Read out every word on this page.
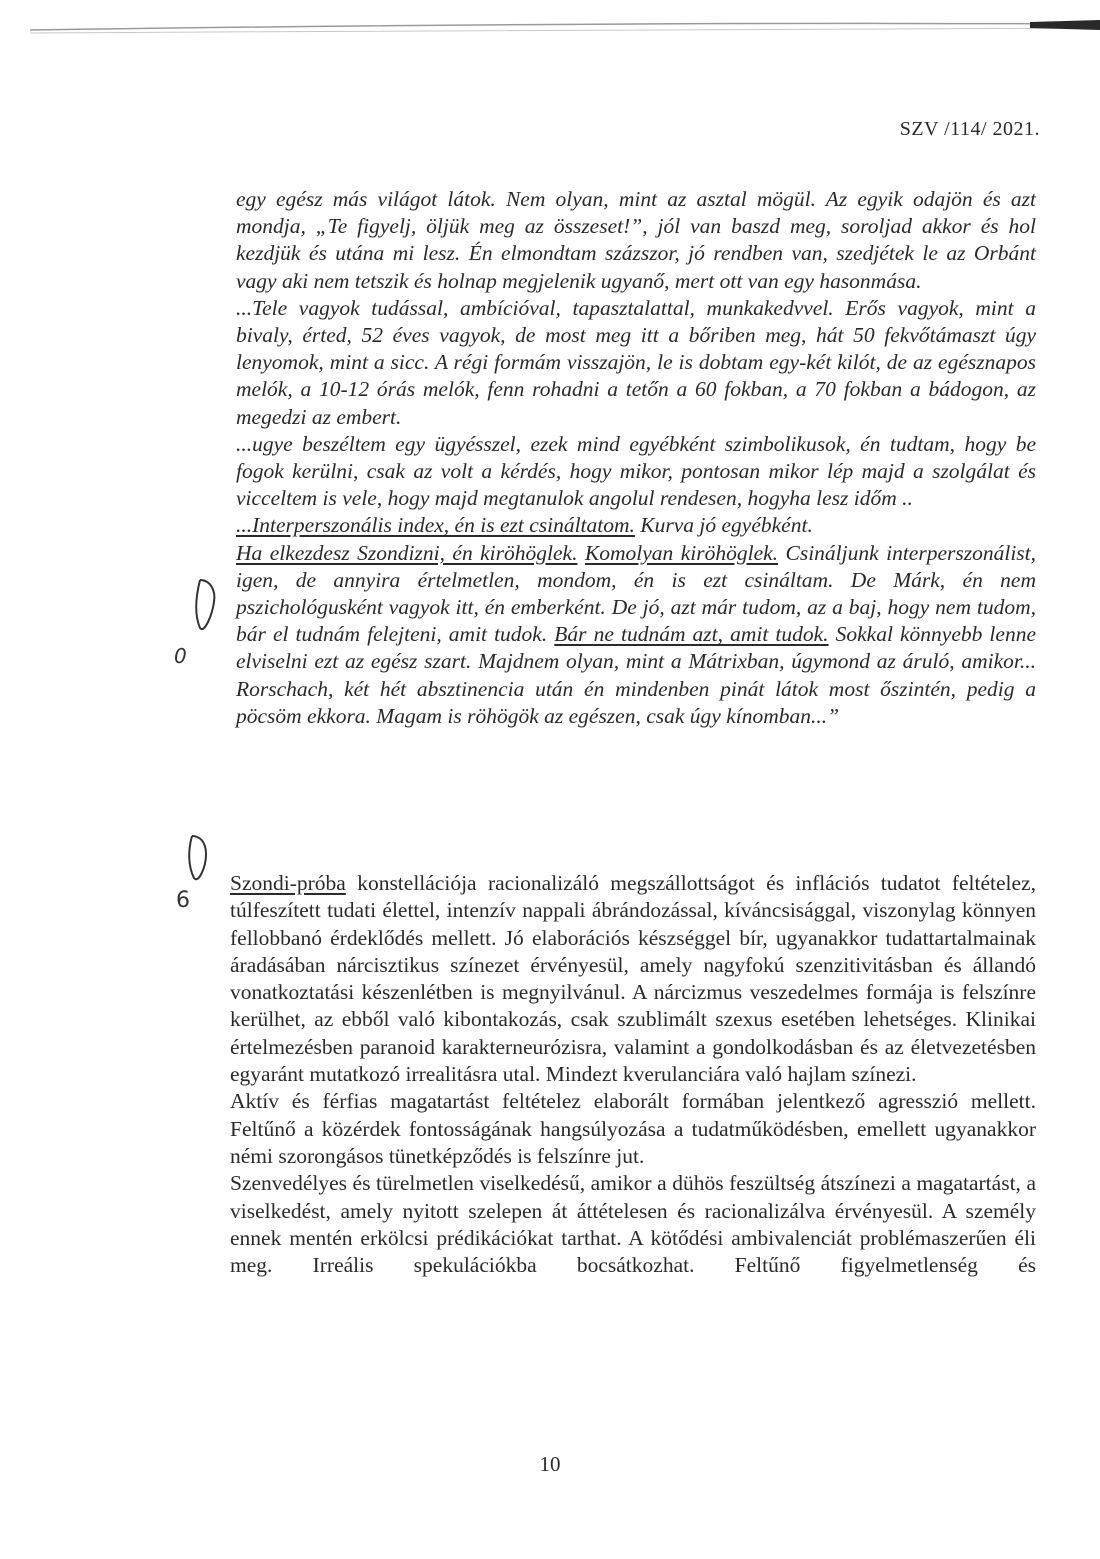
SZV /114/ 2021.

egy egész más világot látok. Nem olyan, mint az asztal mögül. Az egyik odajön és azt mondja, „Te figyelj, öljük meg az összeset!”, jól van baszd meg, soroljad akkor és hol kezdjük és utána mi lesz. Én elmondtam százszor, jó rendben van, szedjétek le az Orbánt vagy aki nem tetszik és holnap megjelenik ugyanő, mert ott van egy hasonmása.

...Tele vagyok tudással, ambícióval, tapasztalattal, munkakedvvel. Erős vagyok, mint a bivaly, érted, 52 éves vagyok, de most meg itt a bőriben meg, hát 50 fekvőtámaszt úgy lenyomok, mint a sicc. A régi formám visszajön, le is dobtam egy-két kilót, de az egésznapos melók, a 10-12 órás melók, fenn rohadni a tetőn a 60 fokban, a 70 fokban a bádogon, az megedzi az embert.

...ugye beszéltem egy ügyésszel, ezek mind egyébként szimbolikusok, én tudtam, hogy be fogok kerülni, csak az volt a kérdés, hogy mikor, pontosan mikor lép majd a szolgálat és vicceltem is vele, hogy majd megtanulok angolul rendesen, hogyha lesz időm ..

...Interperszonális index, én is ezt csináltatom. Kurva jó egyébként.

Ha elkezdesz Szondizni, én kiröhöglek. Komolyan kiröhöglek. Csináljunk interperszonálist, igen, de annyira értelmetlen, mondom, én is ezt csináltam. De Márk, én nem pszichológusként vagyok itt, én emberként. De jó, azt már tudom, az a baj, hogy nem tudom, bár el tudnám felejteni, amit tudok. Bár ne tudnám azt, amit tudok. Sokkal könnyebb lenne elviselni ezt az egész szart. Majdnem olyan, mint a Mátrixban, úgymond az áruló, amikor... Rorschach, két hét absztinencia után én mindenben pinát látok most őszintén, pedig a pöcsöm ekkora. Magam is röhögök az egészen, csak úgy kínomban...”

Szondi-próba konstellációja racionalizáló megszállottságot és inflációs tudatot feltételez, túlfeszített tudati élettel, intenzív nappali ábrándozással, kíváncsisággal, viszonylag könnyen fellobbanó érdeklődés mellett. Jó elaborációs készséggel bír, ugyanakkor tudattartalmainak áradásában nárcisztikus színezet érvényesül, amely nagyfokú szenzitivitásban és állandó vonatkoztatási készenlétben is megnyilvánul. A nárcizmus veszedelmes formája is felszínre kerülhet, az ebből való kibontakozás, csak szublimált szexus esetében lehetséges. Klinikai értelmezésben paranoid karakterneurózisra, valamint a gondolkodásban és az életvezetésben egyaránt mutatkozó irrealitásra utal. Mindezt kverulanciára való hajlam színezi.

Aktív és férfias magatartást feltételez elaborált formában jelentkező agresszió mellett. Feltűnő a közérdek fontosságának hangsúlyozása a tudatműködésben, emellett ugyanakkor némi szorongásos tünetképződés is felszínre jut.

Szenvedélyes és türelmetlen viselkedésű, amikor a dühös feszültség átszínezi a magatartást, a viselkedést, amely nyitott szelepen át áttételesen és racionalizálva érvényesül. A személy ennek mentén erkölcsi prédikációkat tarthat. A kötődési ambivalenciát problémaszerűen éli meg. Irreális spekulációkba bocsátkozhat. Feltűnő figyelmetlenség és

0
6
10
